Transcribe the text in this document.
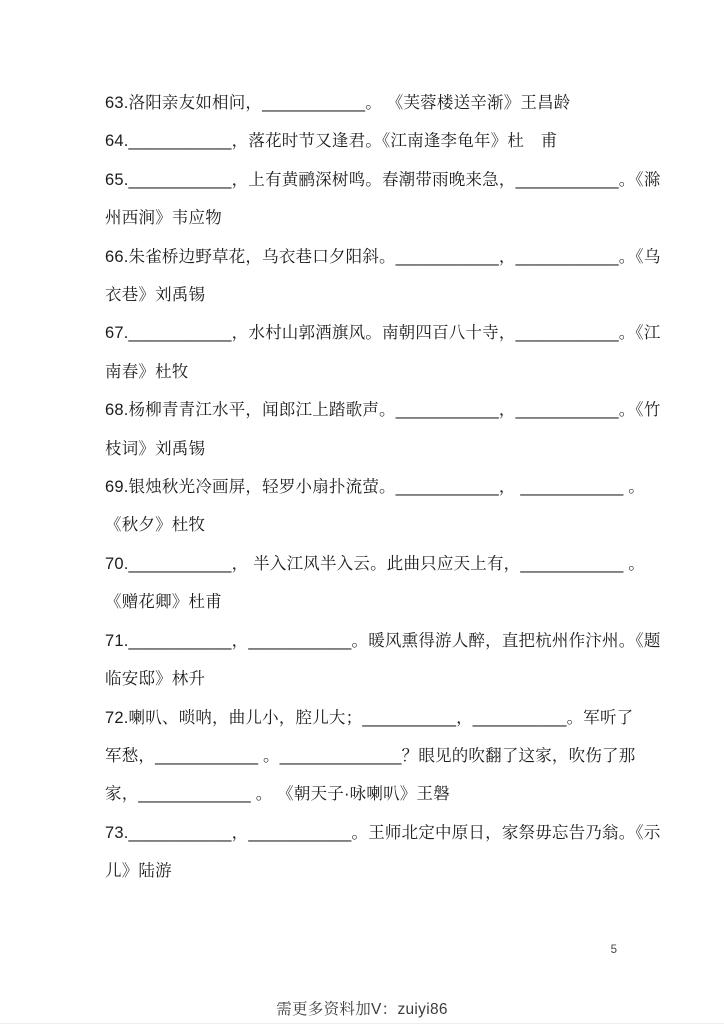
63.洛阳亲友如相问，___________。 《芙蓉楼送辛渐》王昌龄
64.___________，落花时节又逢君。《江南逢李龟年》杜　甫
65.___________，上有黄鹂深树鸣。春潮带雨晚来急，___________。《滁
州西涧》韦应物
66.朱雀桥边野草花，乌衣巷口夕阳斜。___________，___________。《乌
衣巷》刘禹锡
67.___________，水村山郭酒旗风。南朝四百八十寺，___________。《江
南春》杜牧
68.杨柳青青江水平，闻郎江上踏歌声。___________，___________。《竹
枝词》刘禹锡
69.银烛秋光冷画屏，轻罗小扇扑流萤。___________， ___________ 。
《秋夕》杜牧
70.___________， 半入江风半入云。此曲只应天上有，___________ 。
《赠花卿》杜甫
71.___________，___________。暖风熏得游人醉，直把杭州作汴州。《题
临安邸》林升
72.喇叭、唢呐，曲儿小，腔儿大；__________，__________。军听了
军愁，___________ 。_____________？眼见的吹翻了这家，吹伤了那
家，____________ 。 《朝天子·咏喇叭》王磐
73.___________，___________。王师北定中原日，家祭毋忘告乃翁。《示
儿》陆游
5
需更多资料加V：zuiyi86
